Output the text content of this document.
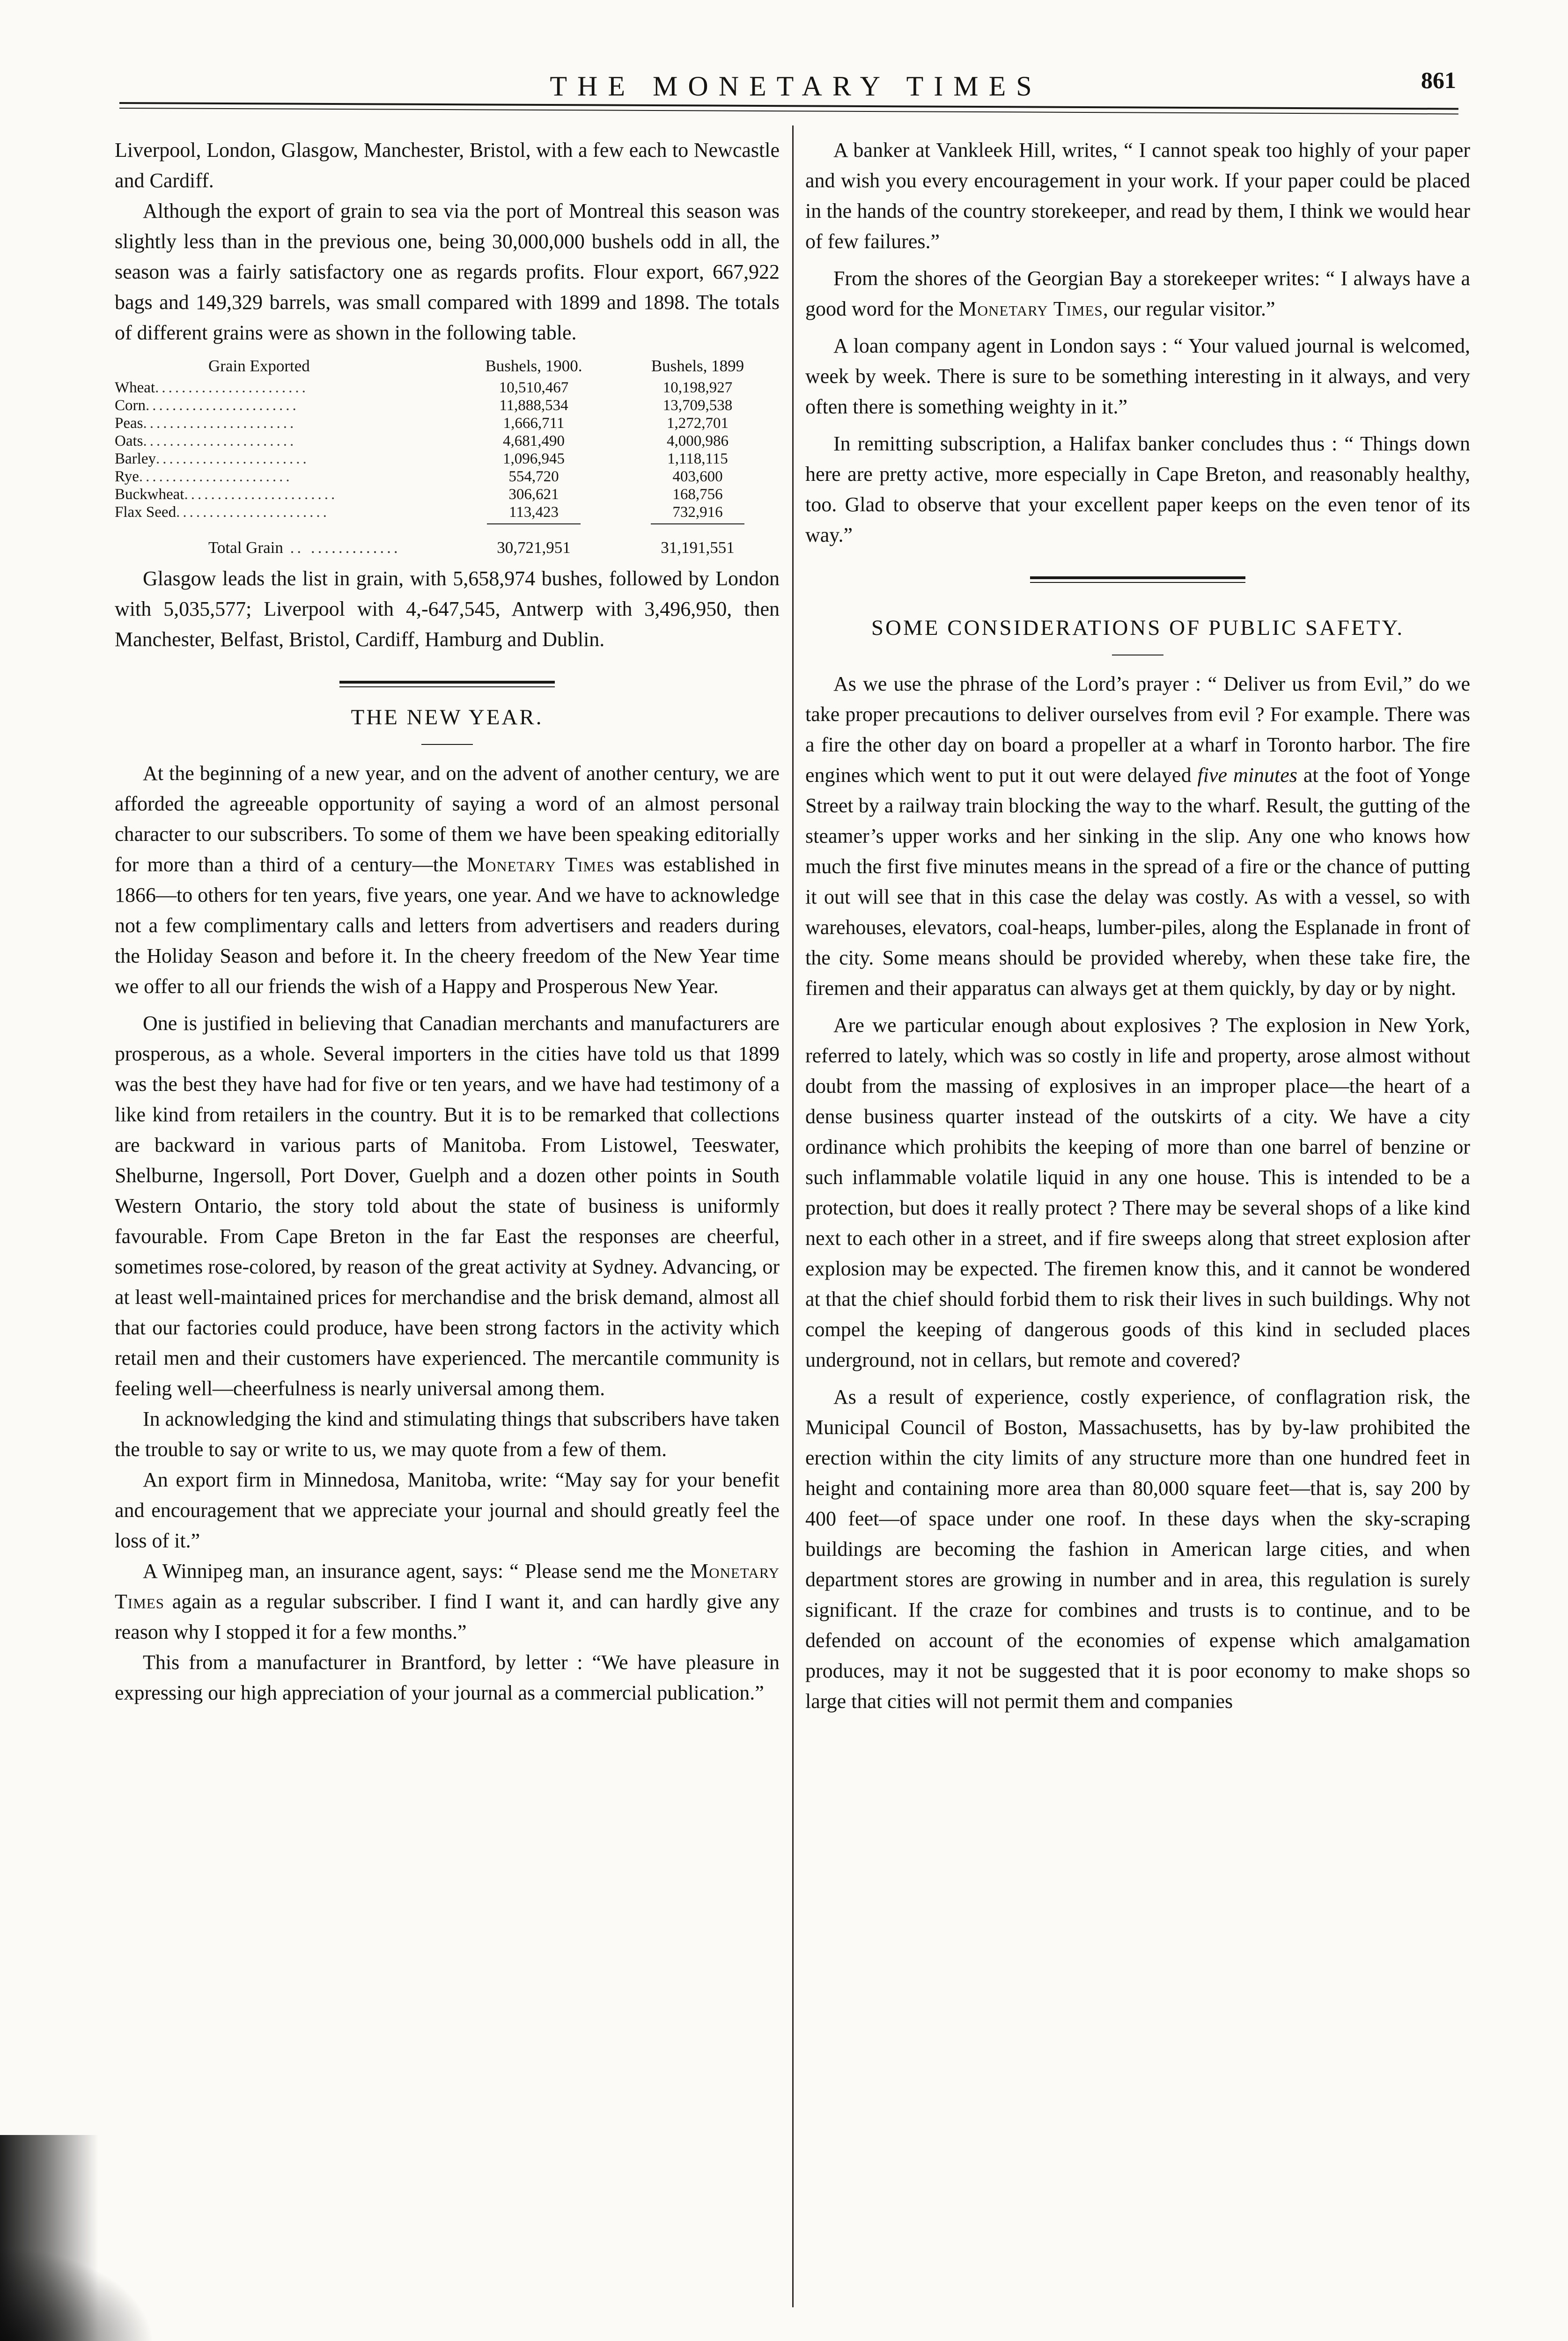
THE MONETARY TIMES	861

Liverpool, London, Glasgow, Manchester, Bristol, with a few each to Newcastle and Cardiff.

Although the export of grain to sea via the port of Montreal this season was slightly less than in the previous one, being 30,000,000 bushels odd in all, the season was a fairly satisfactory one as regards profits. Flour export, 667,922 bags and 149,329 barrels, was small compared with 1899 and 1898. The totals of different grains were as shown in the following table.

Grain Exported	Bushels, 1900.	Bushels, 1899
Wheat.......................	10,510,467	10,198,927
Corn.......................	11,888,534	13,709,538
Peas.......................	1,666,711	1,272,701
Oats.......................	4,681,490	4,000,986
Barley.......................	1,096,945	1,118,115
Rye.......................	554,720	403,600
Buckwheat.......................	306,621	168,756
Flax Seed.......................	113,423	732,916

Total Grain .. .............	30,721,951	31,191,551

Glasgow leads the list in grain, with 5,658,974 bushes, followed by London with 5,035,577; Liverpool with 4,-647,545, Antwerp with 3,496,950, then Manchester, Belfast, Bristol, Cardiff, Hamburg and Dublin.

THE NEW YEAR.

At the beginning of a new year, and on the advent of another century, we are afforded the agreeable opportunity of saying a word of an almost personal character to our subscribers. To some of them we have been speaking editorially for more than a third of a century—the Monetary Times was established in 1866—to others for ten years, five years, one year. And we have to acknowledge not a few complimentary calls and letters from advertisers and readers during the Holiday Season and before it. In the cheery freedom of the New Year time we offer to all our friends the wish of a Happy and Prosperous New Year.

One is justified in believing that Canadian merchants and manufacturers are prosperous, as a whole. Several importers in the cities have told us that 1899 was the best they have had for five or ten years, and we have had testimony of a like kind from retailers in the country. But it is to be remarked that collections are backward in various parts of Manitoba. From Listowel, Teeswater, Shelburne, Ingersoll, Port Dover, Guelph and a dozen other points in South Western Ontario, the story told about the state of business is uniformly favourable. From Cape Breton in the far East the responses are cheerful, sometimes rose-colored, by reason of the great activity at Sydney. Advancing, or at least well-maintained prices for merchandise and the brisk demand, almost all that our factories could produce, have been strong factors in the activity which retail men and their customers have experienced. The mercantile community is feeling well—cheerfulness is nearly universal among them.

In acknowledging the kind and stimulating things that subscribers have taken the trouble to say or write to us, we may quote from a few of them.

An export firm in Minnedosa, Manitoba, write: “May say for your benefit and encouragement that we appreciate your journal and should greatly feel the loss of it.”

A Winnipeg man, an insurance agent, says: “ Please send me the Monetary Times again as a regular subscriber. I find I want it, and can hardly give any reason why I stopped it for a few months.”

This from a manufacturer in Brantford, by letter : “We have pleasure in expressing our high appreciation of your journal as a commercial publication.”

A banker at Vankleek Hill, writes, “ I cannot speak too highly of your paper and wish you every encouragement in your work. If your paper could be placed in the hands of the country storekeeper, and read by them, I think we would hear of few failures.”

From the shores of the Georgian Bay a storekeeper writes: “ I always have a good word for the Monetary Times, our regular visitor.”

A loan company agent in London says : “ Your valued journal is welcomed, week by week. There is sure to be something interesting in it always, and very often there is something weighty in it.”

In remitting subscription, a Halifax banker concludes thus : “ Things down here are pretty active, more especially in Cape Breton, and reasonably healthy, too. Glad to observe that your excellent paper keeps on the even tenor of its way.”

SOME CONSIDERATIONS OF PUBLIC SAFETY.

As we use the phrase of the Lord’s prayer : “ Deliver us from Evil,” do we take proper precautions to deliver ourselves from evil ? For example. There was a fire the other day on board a propeller at a wharf in Toronto harbor. The fire engines which went to put it out were delayed five minutes at the foot of Yonge Street by a railway train blocking the way to the wharf. Result, the gutting of the steamer’s upper works and her sinking in the slip. Any one who knows how much the first five minutes means in the spread of a fire or the chance of putting it out will see that in this case the delay was costly. As with a vessel, so with warehouses, elevators, coal-heaps, lumber-piles, along the Esplanade in front of the city. Some means should be provided whereby, when these take fire, the firemen and their apparatus can always get at them quickly, by day or by night.

Are we particular enough about explosives ? The explosion in New York, referred to lately, which was so costly in life and property, arose almost without doubt from the massing of explosives in an improper place—the heart of a dense business quarter instead of the outskirts of a city. We have a city ordinance which prohibits the keeping of more than one barrel of benzine or such inflammable volatile liquid in any one house. This is intended to be a protection, but does it really protect ? There may be several shops of a like kind next to each other in a street, and if fire sweeps along that street explosion after explosion may be expected. The firemen know this, and it cannot be wondered at that the chief should forbid them to risk their lives in such buildings. Why not compel the keeping of dangerous goods of this kind in secluded places underground, not in cellars, but remote and covered?

As a result of experience, costly experience, of conflagration risk, the Municipal Council of Boston, Massachusetts, has by by-law prohibited the erection within the city limits of any structure more than one hundred feet in height and containing more area than 80,000 square feet—that is, say 200 by 400 feet—of space under one roof. In these days when the sky-scraping buildings are becoming the fashion in American large cities, and when department stores are growing in number and in area, this regulation is surely significant. If the craze for combines and trusts is to continue, and to be defended on account of the economies of expense which amalgamation produces, may it not be suggested that it is poor economy to make shops so large that cities will not permit them and companies
